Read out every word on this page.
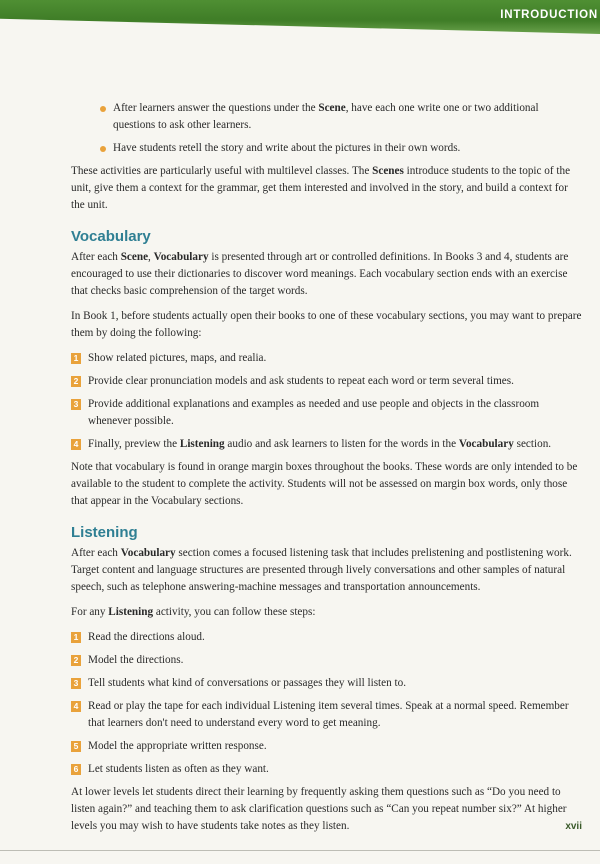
INTRODUCTION
After learners answer the questions under the Scene, have each one write one or two additional questions to ask other learners.
Have students retell the story and write about the pictures in their own words.

These activities are particularly useful with multilevel classes. The Scenes introduce students to the topic of the unit, give them a context for the grammar, get them interested and involved in the story, and build a context for the unit.

Vocabulary

After each Scene, Vocabulary is presented through art or controlled definitions. In Books 3 and 4, students are encouraged to use their dictionaries to discover word meanings. Each vocabulary section ends with an exercise that checks basic comprehension of the target words.

In Book 1, before students actually open their books to one of these vocabulary sections, you may want to prepare them by doing the following:

1 Show related pictures, maps, and realia.
2 Provide clear pronunciation models and ask students to repeat each word or term several times.
3 Provide additional explanations and examples as needed and use people and objects in the classroom whenever possible.
4 Finally, preview the Listening audio and ask learners to listen for the words in the Vocabulary section.

Note that vocabulary is found in orange margin boxes throughout the books. These words are only intended to be available to the student to complete the activity. Students will not be assessed on margin box words, only those that appear in the Vocabulary sections.

Listening

After each Vocabulary section comes a focused listening task that includes prelistening and postlistening work. Target content and language structures are presented through lively conversations and other samples of natural speech, such as telephone answering-machine messages and transportation announcements.

For any Listening activity, you can follow these steps:

1 Read the directions aloud.
2 Model the directions.
3 Tell students what kind of conversations or passages they will listen to.
4 Read or play the tape for each individual Listening item several times. Speak at a normal speed. Remember that learners don't need to understand every word to get meaning.
5 Model the appropriate written response.
6 Let students listen as often as they want.

At lower levels let students direct their learning by frequently asking them questions such as “Do you need to listen again?” and teaching them to ask clarification questions such as “Can you repeat number six?” At higher levels you may wish to have students take notes as they listen.	xvii
